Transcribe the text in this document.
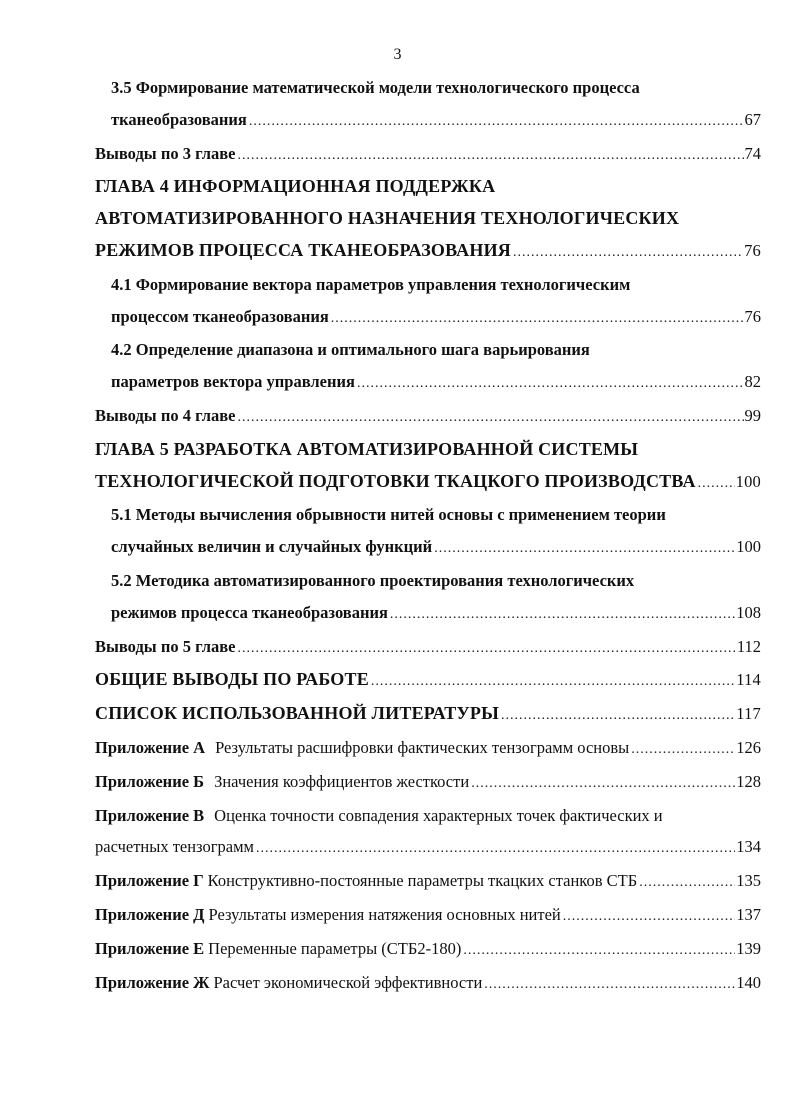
3
3.5 Формирование математической модели технологического процесса
тканеобразования .....	67
Выводы по 3 главе .....	74
ГЛАВА 4 ИНФОРМАЦИОННАЯ ПОДДЕРЖКА
АВТОМАТИЗИРОВАННОГО НАЗНАЧЕНИЯ ТЕХНОЛОГИЧЕСКИХ
РЕЖИМОВ ПРОЦЕССА ТКАНЕОБРАЗОВАНИЯ .....	76
4.1 Формирование вектора параметров управления технологическим
процессом тканеобразования .....	76
4.2 Определение диапазона и оптимального шага варьирования
параметров вектора управления .....	82
Выводы по 4 главе .....	99
ГЛАВА 5 РАЗРАБОТКА АВТОМАТИЗИРОВАННОЙ СИСТЕМЫ
ТЕХНОЛОГИЧЕСКОЙ ПОДГОТОВКИ ТКАЦКОГО ПРОИЗВОДСТВА ..... 100
5.1 Методы вычисления обрывности нитей основы с применением теории
случайных величин и случайных функций .....	100
5.2 Методика автоматизированного проектирования технологических
режимов процесса тканеобразования .....	108
Выводы по 5 главе .....	112
ОБЩИЕ ВЫВОДЫ ПО РАБОТЕ .....	114
СПИСОК ИСПОЛЬЗОВАННОЙ ЛИТЕРАТУРЫ .....	117
Приложение А Результаты расшифровки фактических тензограмм основы .....	126
Приложение Б Значения коэффициентов жесткости .....	128
Приложение В Оценка точности совпадения характерных точек фактических и
расчетных тензограмм .....	134
Приложение Г Конструктивно-постоянные параметры ткацких станков СТБ .....	135
Приложение Д Результаты измерения натяжения основных нитей .....	137
Приложение Е Переменные параметры (СТБ2-180) .....	139
Приложение Ж Расчет экономической эффективности .....	140
